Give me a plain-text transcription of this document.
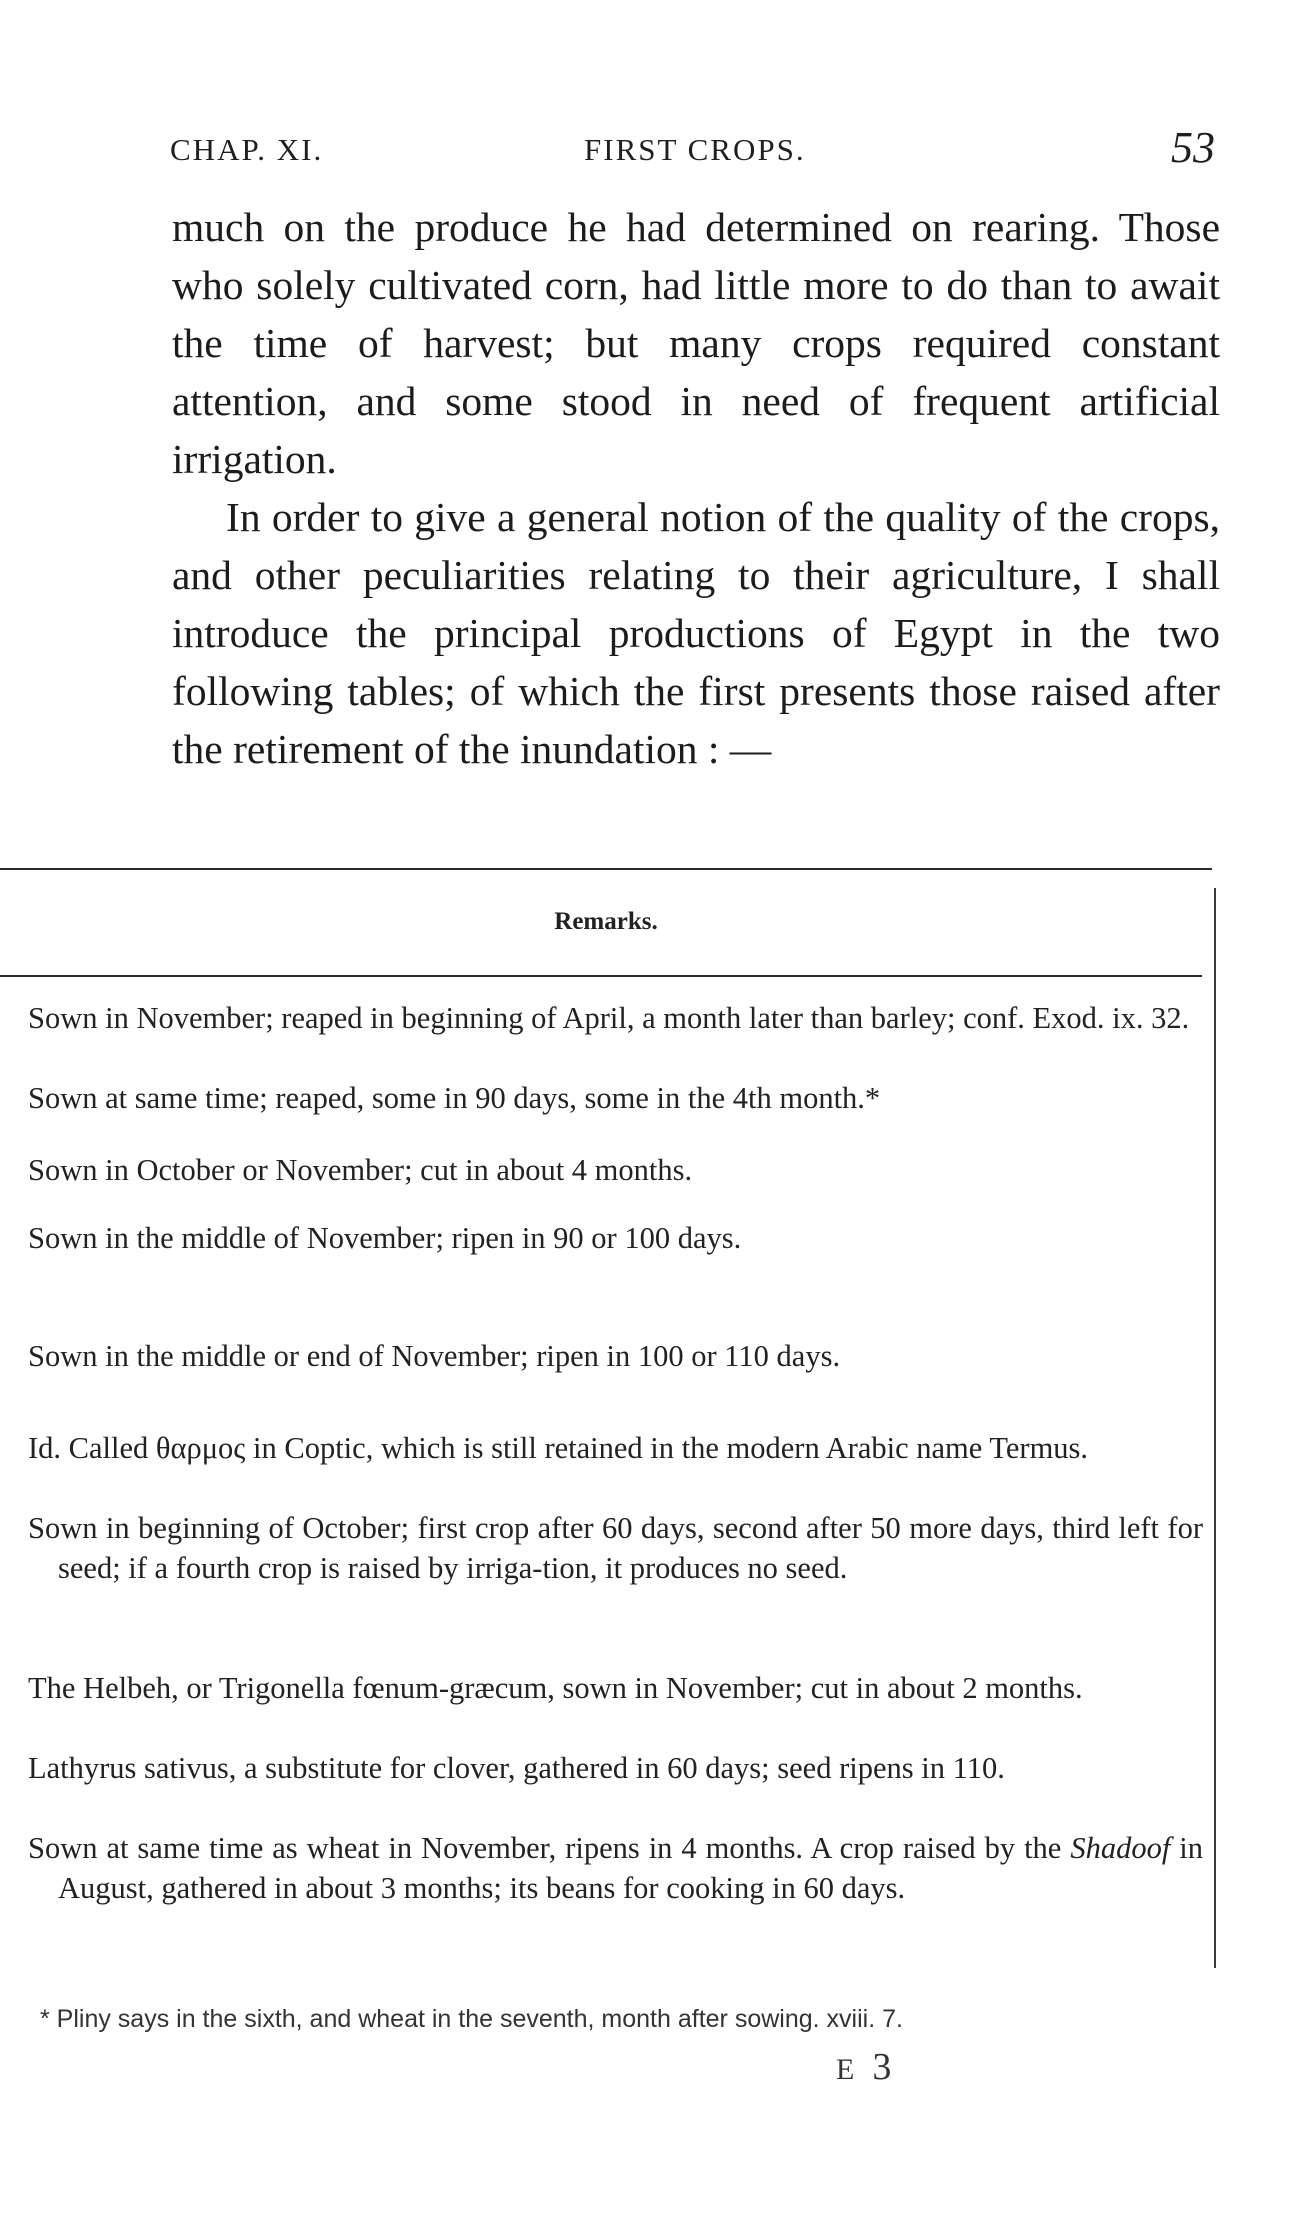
CHAP. XI.	FIRST CROPS.	53

much on the produce he had determined on rearing. Those who solely cultivated corn, had little more to do than to await the time of harvest; but many crops required constant attention, and some stood in need of frequent artificial irrigation.

In order to give a general notion of the quality of the crops, and other peculiarities relating to their agriculture, I shall introduce the principal productions of Egypt in the two following tables; of which the first presents those raised after the retirement of the inundation : —

Remarks.

Sown in November; reaped in beginning of April, a month later than barley; conf. Exod. ix. 32.

Sown at same time; reaped, some in 90 days, some in the 4th month.*

Sown in October or November; cut in about 4 months.

Sown in the middle of November; ripen in 90 or 100 days.

Sown in the middle or end of November; ripen in 100 or 110 days.

Id. Called θαρμος in Coptic, which is still retained in the modern Arabic name Termus.

Sown in beginning of October; first crop after 60 days, second after 50 more days, third left for seed; if a fourth crop is raised by irriga-tion, it produces no seed.

The Helbeh, or Trigonella fœnum-græcum, sown in November; cut in about 2 months.

Lathyrus sativus, a substitute for clover, gathered in 60 days; seed ripens in 110.

Sown at same time as wheat in November, ripens in 4 months. A crop raised by the Shadoof in August, gathered in about 3 months; its beans for cooking in 60 days.

* Pliny says in the sixth, and wheat in the seventh, month after sowing. xviii. 7.
E 3
